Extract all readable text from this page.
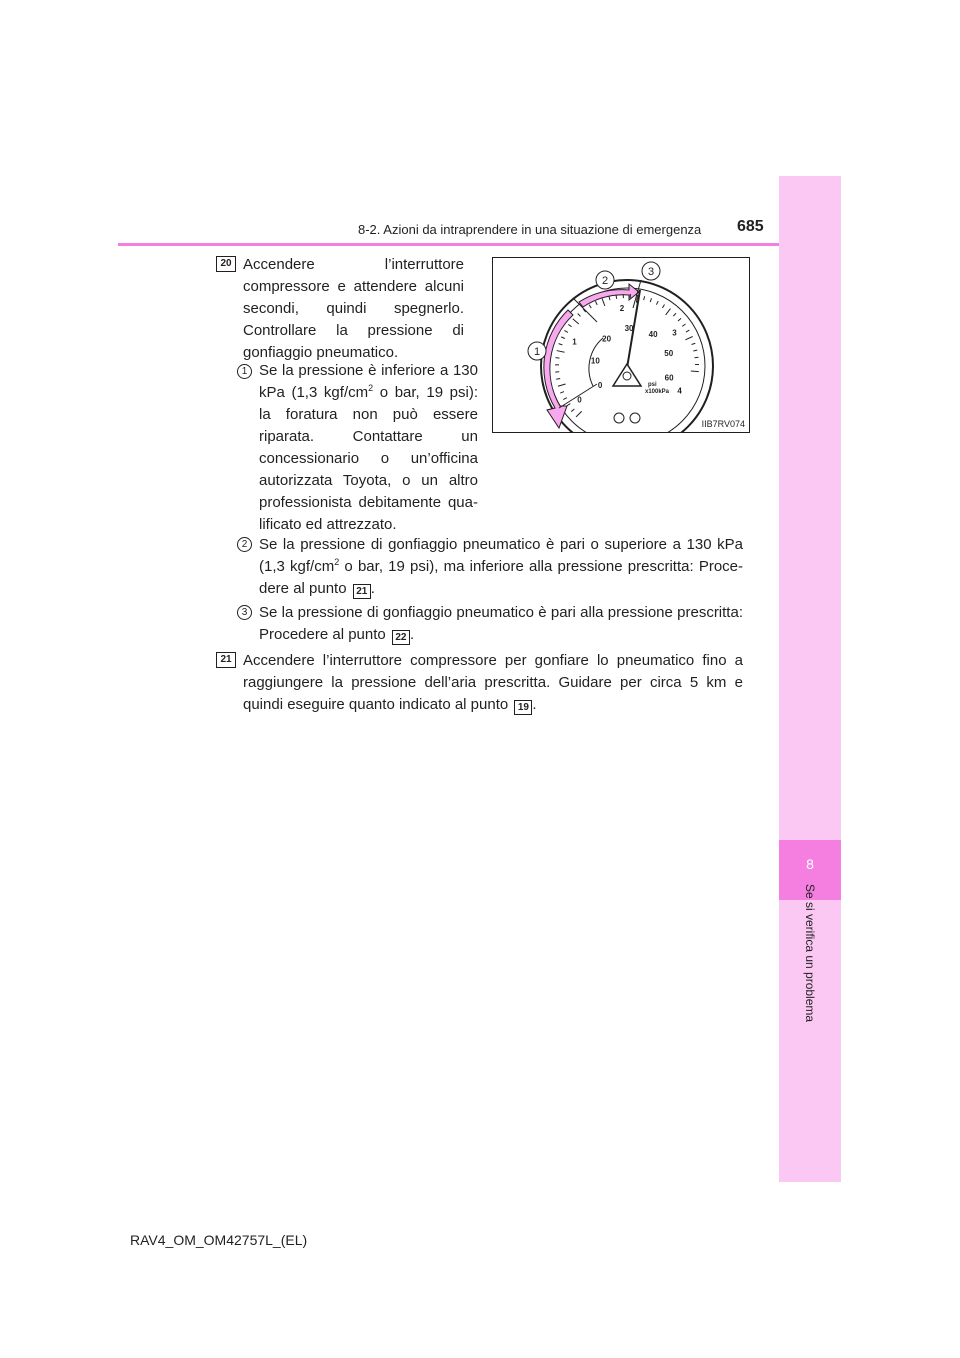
8
Se si verifica un problema
8-2. Azioni da intraprendere in una situazione di emergenza 685
20 Accendere l’interruttore compressore e attendere alcuni secondi, quindi spegnerlo. Controllare la pressione di gonfiaggio pneumatico.
1 Se la pressione è inferiore a 130 kPa (1,3 kgf/$cm^2$ o bar, 19 psi): la foratura non può essere riparata. Contattare un concessionario o un’officina autorizzata Toyota, o un altro professionista debitamente qualificato ed attrezzato.
2 Se la pressione di gonfiaggio pneumatico è pari o superiore a 130 kPa (1,3 kgf/$cm^2$ o bar, 19 psi), ma inferiore alla pressione prescritta: Procedere al punto 21 .
3 Se la pressione di gonfiaggio pneumatico è pari alla pressione prescritta: Procedere al punto 22 .
21 Accendere l’interruttore compressore per gonfiare lo pneumatico fino a raggiungere la pressione dell’aria prescritta. Guidare per circa 5 km e quindi eseguire quanto indicato al punto 19 .
0
1
2
3
4
0
10
20
30
40
50
60
1
2
3
psi
x100kPa
IIB7RV074
RAV4_OM_OM42757L_(EL)
